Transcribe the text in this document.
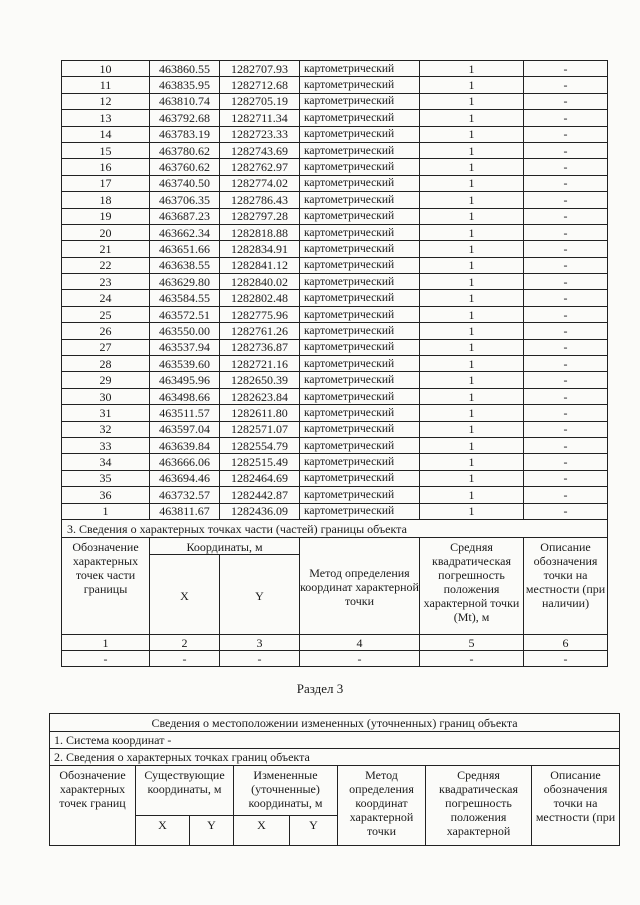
10	463860.55	1282707.93	картометрический	1	-
11	463835.95	1282712.68	картометрический	1	-
12	463810.74	1282705.19	картометрический	1	-
13	463792.68	1282711.34	картометрический	1	-
14	463783.19	1282723.33	картометрический	1	-
15	463780.62	1282743.69	картометрический	1	-
16	463760.62	1282762.97	картометрический	1	-
17	463740.50	1282774.02	картометрический	1	-
18	463706.35	1282786.43	картометрический	1	-
19	463687.23	1282797.28	картометрический	1	-
20	463662.34	1282818.88	картометрический	1	-
21	463651.66	1282834.91	картометрический	1	-
22	463638.55	1282841.12	картометрический	1	-
23	463629.80	1282840.02	картометрический	1	-
24	463584.55	1282802.48	картометрический	1	-
25	463572.51	1282775.96	картометрический	1	-
26	463550.00	1282761.26	картометрический	1	-
27	463537.94	1282736.87	картометрический	1	-
28	463539.60	1282721.16	картометрический	1	-
29	463495.96	1282650.39	картометрический	1	-
30	463498.66	1282623.84	картометрический	1	-
31	463511.57	1282611.80	картометрический	1	-
32	463597.04	1282571.07	картометрический	1	-
33	463639.84	1282554.79	картометрический	1	-
34	463666.06	1282515.49	картометрический	1	-
35	463694.46	1282464.69	картометрический	1	-
36	463732.57	1282442.87	картометрический	1	-
1	463811.67	1282436.09	картометрический	1	-
3. Сведения о характерных точках части (частей) границы объекта					
Обозначение характерных точек части границы	Координаты, м		Метод определения координат характерной точки	Средняя квадратическая погрешность положения характерной точки (Mt), м	Описание обозначения точки на местности (при наличии)
	X	Y			
1	2	3	4	5	6
-	-	-	-	-	-
Раздел 3
Сведения о местоположении измененных (уточненных) границ объекта							
1. Система координат -							
2. Сведения о характерных точках границ объекта							
Обозначение характерных точек границ	Существующие координаты, м		Измененные (уточненные) координаты, м		Метод определения координат характерной точки	Средняя квадратическая погрешность положения характерной	Описание обозначения точки на местности (при
	X	Y	X	Y			
